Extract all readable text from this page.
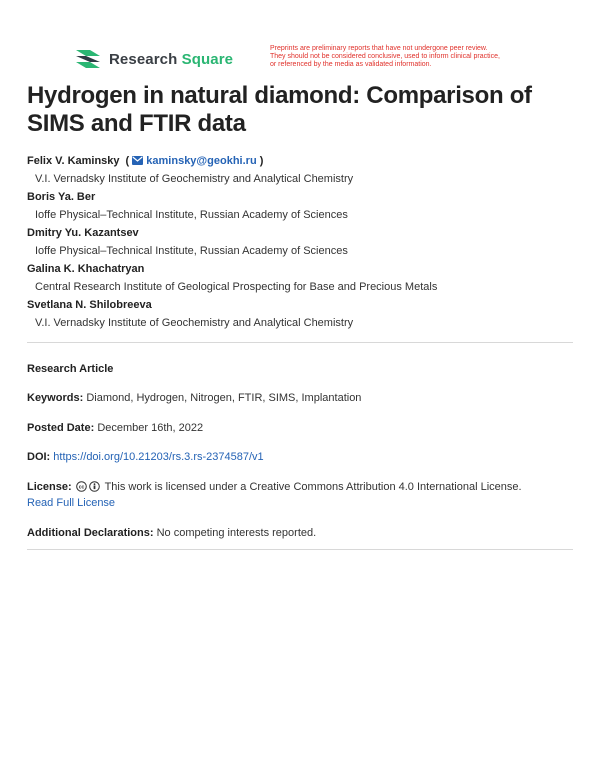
Research Square
Preprints are preliminary reports that have not undergone peer review.
They should not be considered conclusive, used to inform clinical practice,
or referenced by the media as validated information.
Hydrogen in natural diamond: Comparison of SIMS and FTIR data
Felix V. Kaminsky ( kaminsky@geokhi.ru )
V.I. Vernadsky Institute of Geochemistry and Analytical Chemistry
Boris Ya. Ber
Ioffe Physical–Technical Institute, Russian Academy of Sciences
Dmitry Yu. Kazantsev
Ioffe Physical–Technical Institute, Russian Academy of Sciences
Galina K. Khachatryan
Central Research Institute of Geological Prospecting for Base and Precious Metals
Svetlana N. Shilobreeva
V.I. Vernadsky Institute of Geochemistry and Analytical Chemistry
Research Article
Keywords: Diamond, Hydrogen, Nitrogen, FTIR, SIMS, Implantation
Posted Date: December 16th, 2022
DOI: https://doi.org/10.21203/rs.3.rs-2374587/v1
License: cc This work is licensed under a Creative Commons Attribution 4.0 International License.
Read Full License
Additional Declarations: No competing interests reported.
